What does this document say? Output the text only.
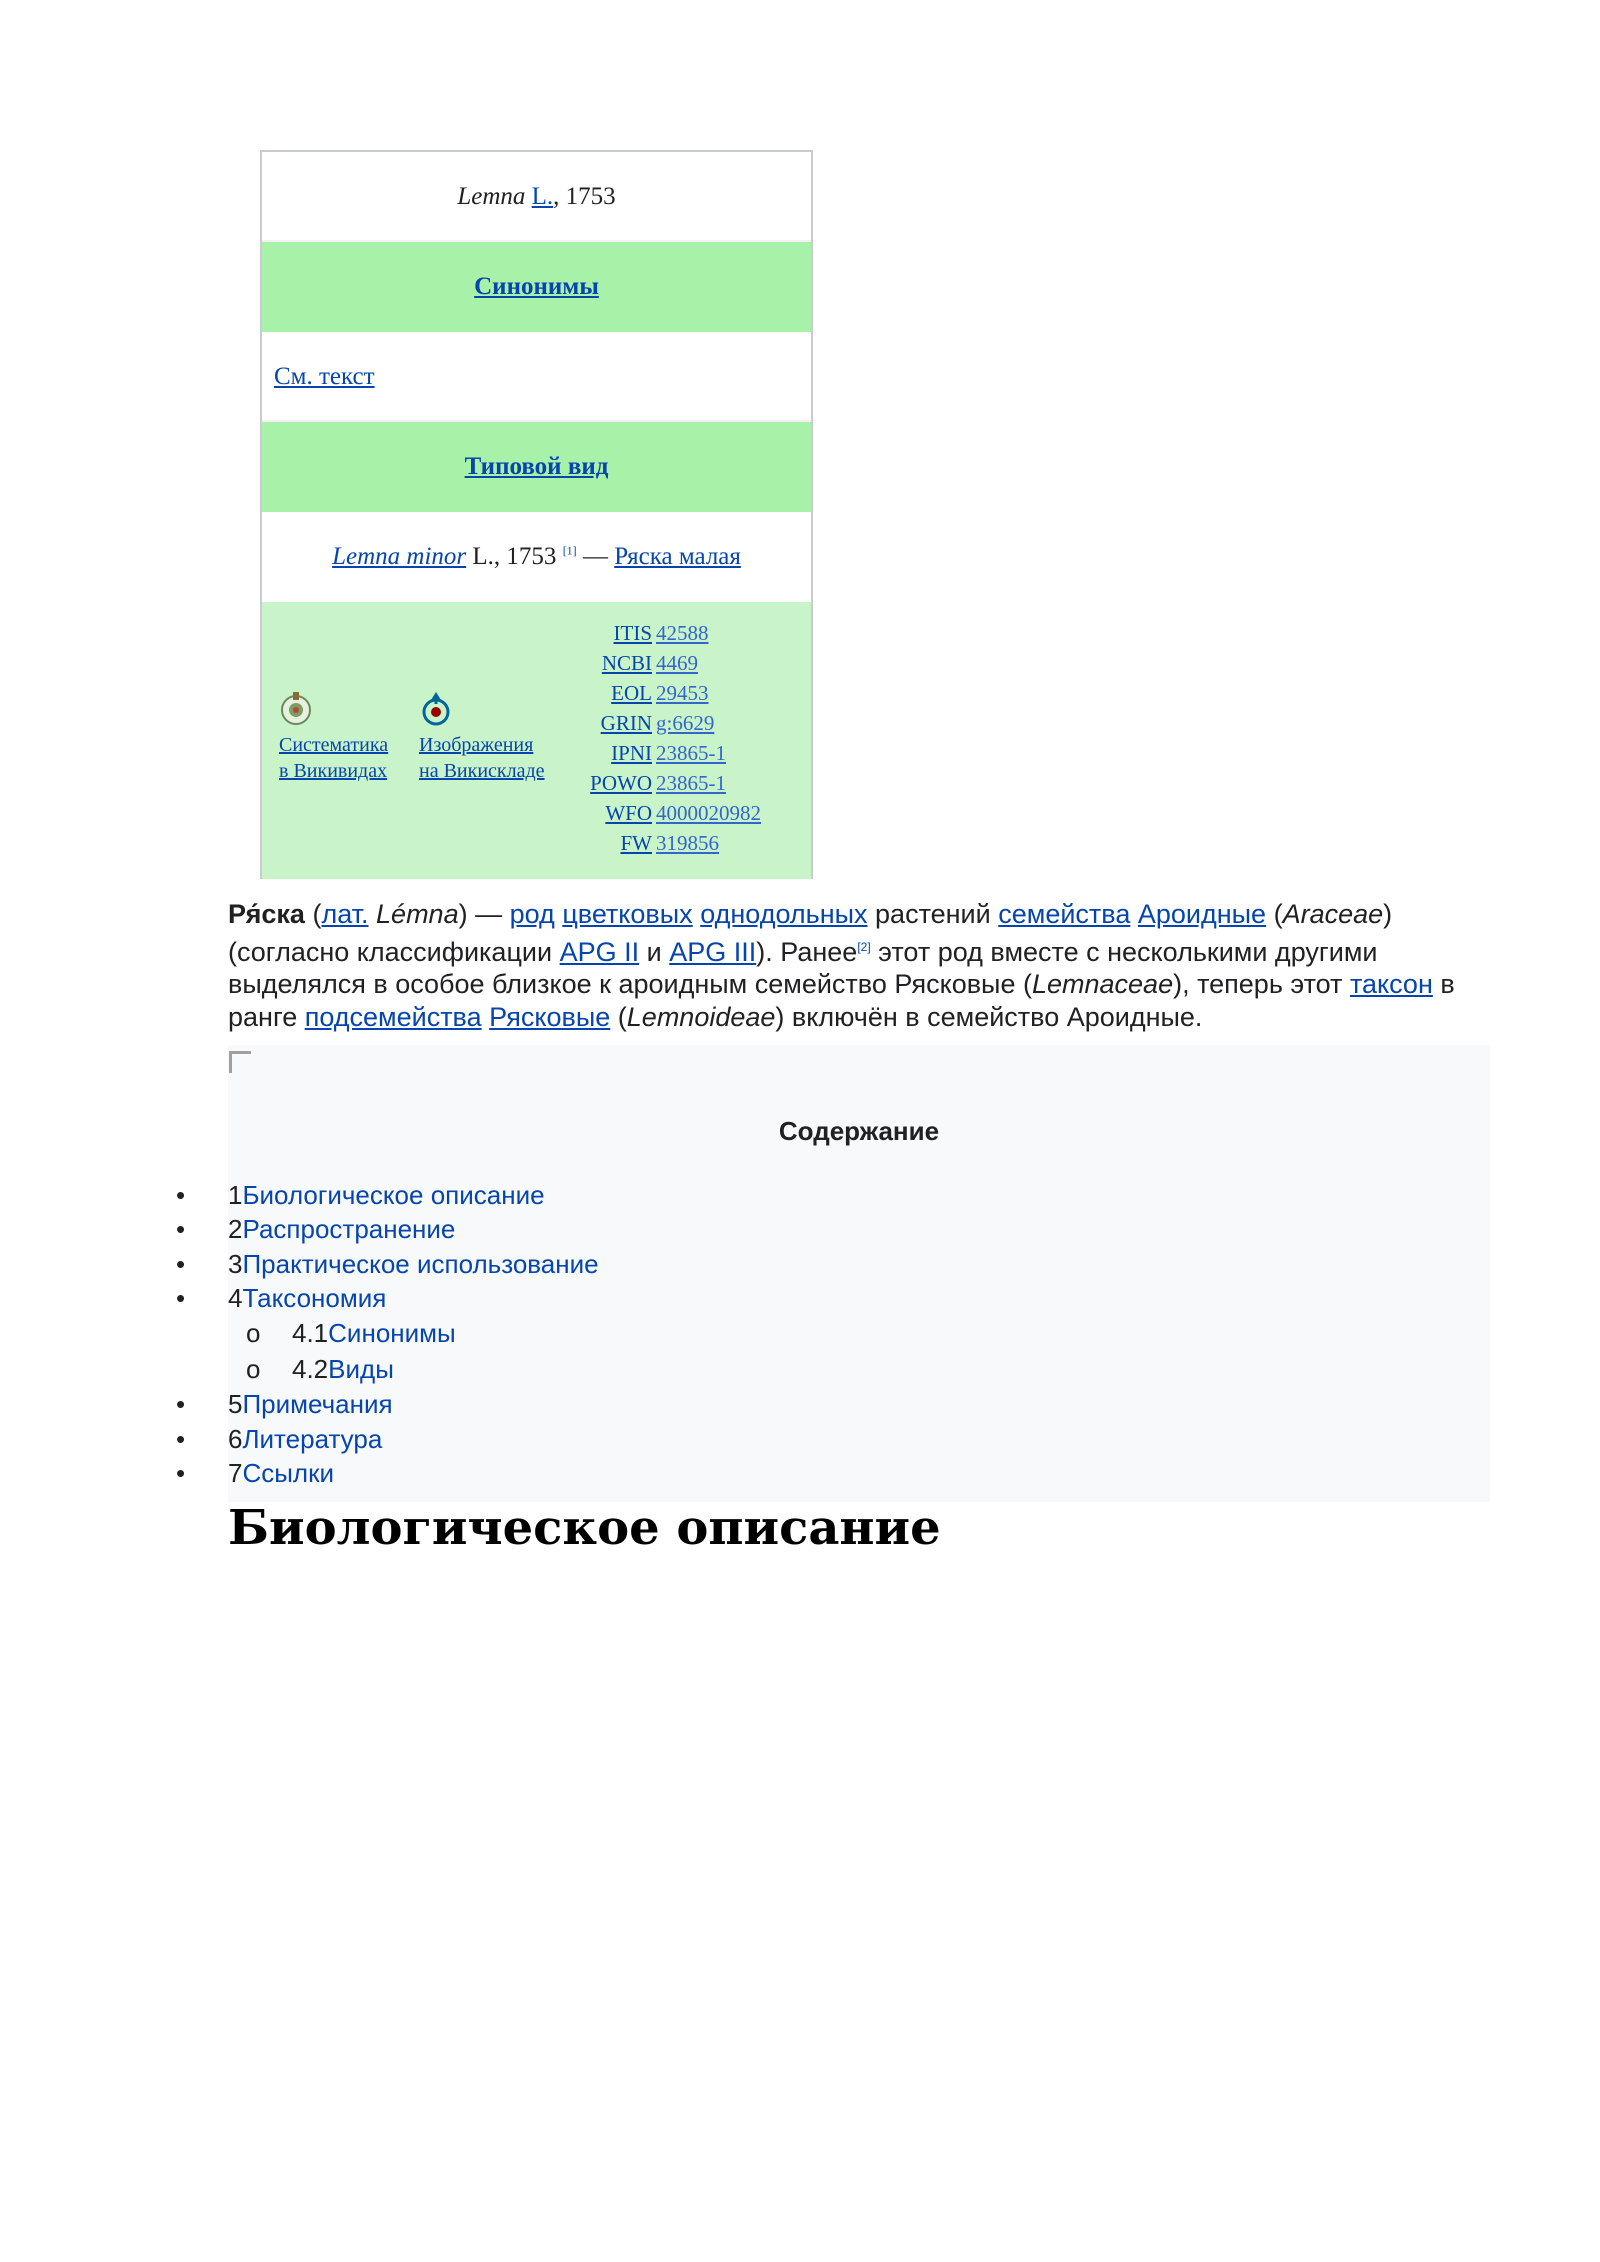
Lemna L., 1753
Синонимы
См. текст
Типовой вид
Lemna minor L., 1753 [1] — Ряска малая
Систематика
в Викивидах
Изображения
на Викискладе
ITIS 42588
NCBI 4469
EOL 29453
GRIN g:6629
IPNI 23865-1
POWO 23865-1
WFO 4000020982
FW 319856

Ря́ска (лат. Lémna) — род цветковых однодольных растений семейства Ароидные (Araceae) (согласно классификации APG II и APG III). Ранее[2] этот род вместе с несколькими другими выделялся в особое близкое к ароидным семейство Рясковые (Lemnaceae), теперь этот таксон в ранге подсемейства Рясковые (Lemnoideae) включён в семейство Ароидные.

Содержание
• 1Биологическое описание
• 2Распространение
• 3Практическое использование
• 4Таксономия
o 4.1Синонимы
o 4.2Виды
• 5Примечания
• 6Литература
• 7Ссылки
Биологическое описание
